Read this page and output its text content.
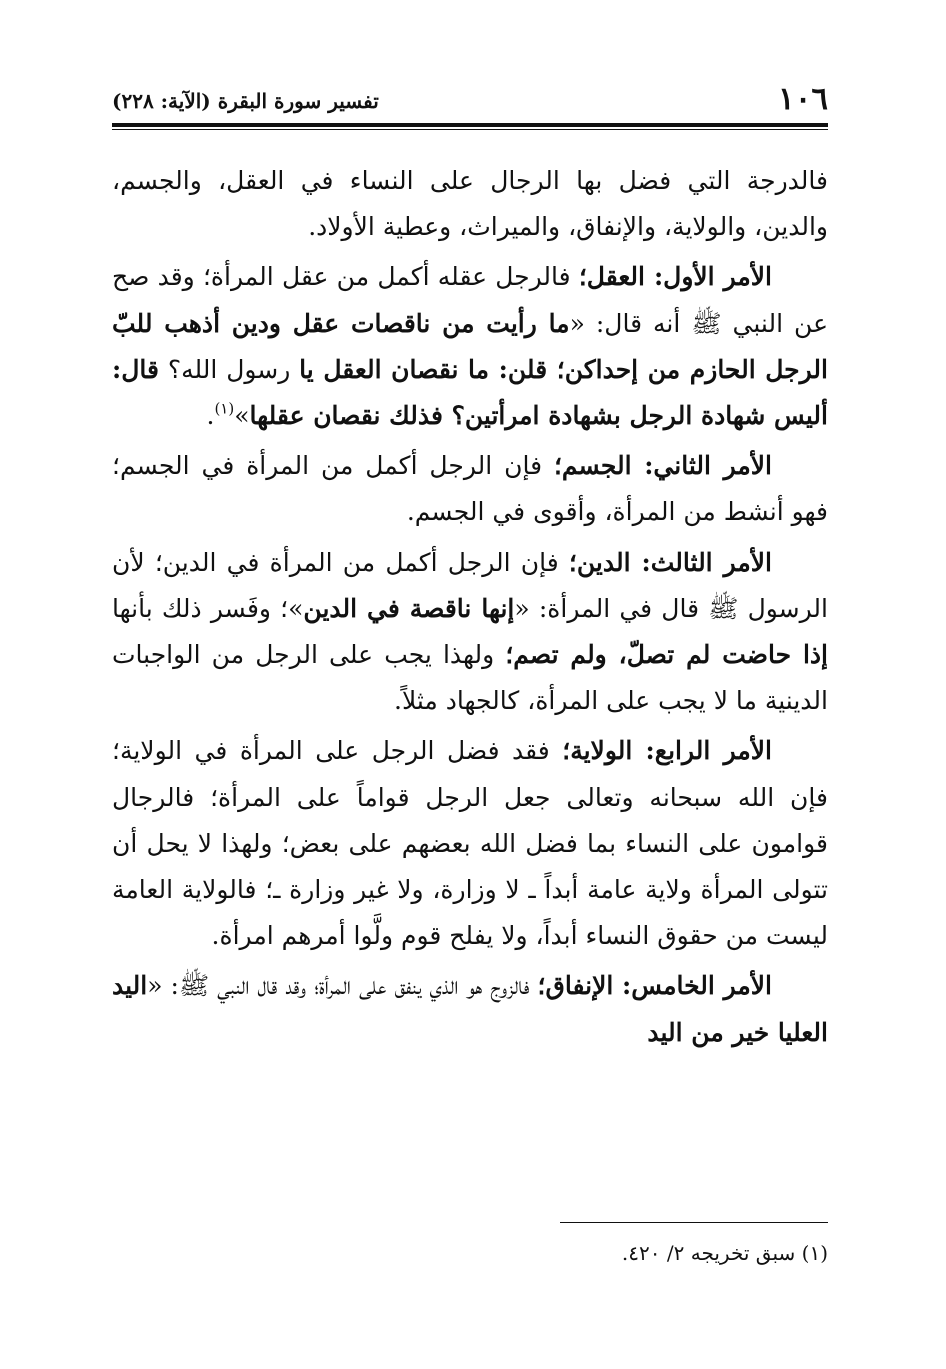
١٠٦
تفسير سورة البقرة (الآية: ٢٢٨)

فالدرجة التي فضل بها الرجال على النساء في العقل، والجسم، والدين، والولاية، والإنفاق، والميراث، وعطية الأولاد.

الأمر الأول: العقل؛ فالرجل عقله أكمل من عقل المرأة؛ وقد صح عن النبي ﷺ أنه قال: «ما رأيت من ناقصات عقل ودين أذهب للبّ الرجل الحازم من إحداكن؛ قلن: ما نقصان العقل يا رسول الله؟ قال: أليس شهادة الرجل بشهادة امرأتين؟ فذلك نقصان عقلها»$^{(١)}$.

الأمر الثاني: الجسم؛ فإن الرجل أكمل من المرأة في الجسم؛ فهو أنشط من المرأة، وأقوى في الجسم.

الأمر الثالث: الدين؛ فإن الرجل أكمل من المرأة في الدين؛ لأن الرسول ﷺ قال في المرأة: «إنها ناقصة في الدين»؛ وفَسر ذلك بأنها إذا حاضت لم تصلّ، ولم تصم؛ ولهذا يجب على الرجل من الواجبات الدينية ما لا يجب على المرأة، كالجهاد مثلاً.

الأمر الرابع: الولاية؛ فقد فضل الرجل على المرأة في الولاية؛ فإن الله سبحانه وتعالى جعل الرجل قواماً على المرأة؛ فالرجال قوامون على النساء بما فضل الله بعضهم على بعض؛ ولهذا لا يحل أن تتولى المرأة ولاية عامة أبداً ـ لا وزارة، ولا غير وزارة ـ؛ فالولاية العامة ليست من حقوق النساء أبداً، ولا يفلح قوم ولَّوا أمرهم امرأة.

الأمر الخامس: الإنفاق؛ فالزوج هو الذي ينفق على المرأة؛ وقد قال النبي ﷺ: «اليد العليا خير من اليد

(١) سبق تخريجه ٢/ ٤٢٠.
